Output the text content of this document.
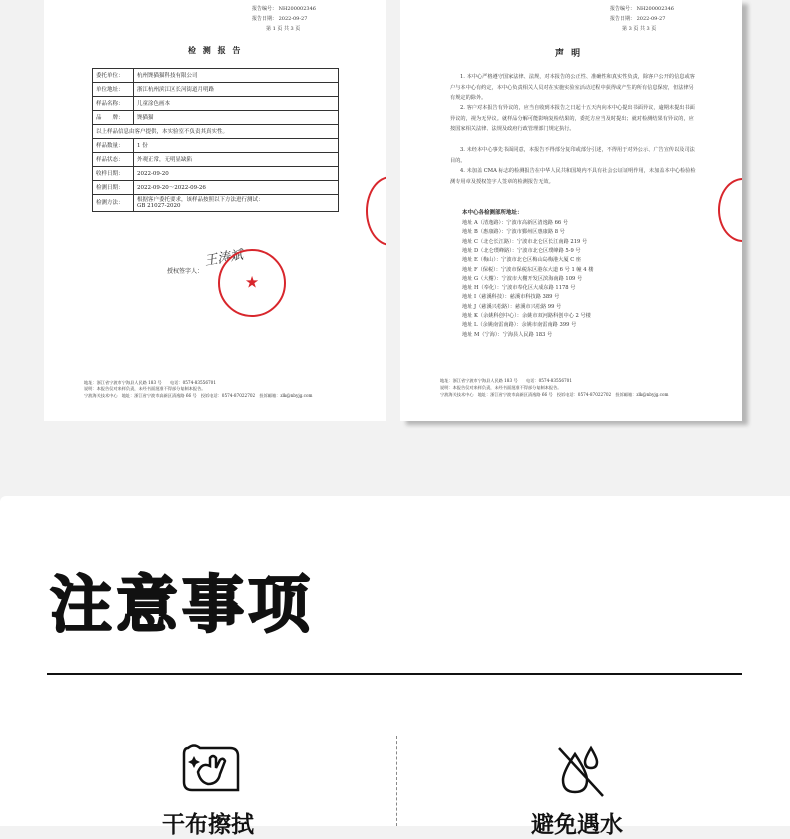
报告编号： NH200002346
报告日期： 2022-09-27
第 1 页 共 3 页
检 测 报 告
委托单位：	杭州馋猫猫科技有限公司
单位地址：	浙江杭州滨江区长河街道月明路
样品名称：	儿童涂色画本
品　　牌：	馋猫猫
以上样品信息由客户提供，本实验室不负责其真实性。	
样品数量：	1 份
样品状态：	外观正常，无明显缺陷
收样日期：	2022-09-20
检测日期：	2022-09-20～2022-09-26
检测方法：	根据客户委托要求，该样品按照以下方法进行测试：
GB 21027-2020
授权签字人：
王涛斌
★
地址：浙江省宁波市宁海县人民路 183 号　　电话：0574-83556701
说明：本报告仅对来样负责，未经书面批准不得部分复制本报告。
宁波海关技术中心　地址：浙江省宁波市高新区清逸路 66 号　投诉电话：0574-87022702　投诉邮箱：zlk@nbyjg.com
报告编号： NH200002346
报告日期： 2022-09-27
第 3 页 共 3 页
声 明
1. 本中心严格遵守国家法律、法规，对本报告的公正性、准确性和真实性负责，除客户公开的信息或客户与本中心有约定，本中心负责相关人员对在实施实验室活动过程中获得或产生的所有信息保密，但法律另有规定的除外。
2. 客户对本报告有异议的，应当自收到本报告之日起十五天内向本中心提出书面异议，逾期未提出书面异议的，视为无异议。就样品分解可能影响复检结果的，委托方应当及时提出；就对检测结果有异议的，应按国家相关法律、法规及政府行政管理部门规定执行。
3. 未经本中心事先书面同意，本报告不得部分复印或部分引述，不得用于对外公示、广告宣传以及司法目的。
4. 未加盖 CMA 标志的检测报告在中华人民共和国境内不具有社会公证证明作用，未加盖本中心检验检测专用章及授权签字人签章的检测报告无效。
本中心各检测部所地址：
地址 A（清逸路）：宁波市高新区清逸路 66 号
地址 B（惠康路）：宁波市鄞州区惠康路 8 号
地址 C（北仑长江路）：宁波市北仑区长江南路 219 号
地址 D（北仑璞峰路）：宁波市北仑区璞峰路 5-9 号
地址 E（梅山）：宁波市北仑区梅山岛梅港大厦 C 座
地址 F（保税）：宁波市保税东区港东大道 6 号 1 幢 4 楼
地址 G（大榭）：宁波市大榭开发区滨海南路 109 号
地址 H（奉化）：宁波市奉化区大成东路 1178 号
地址 I（慈溪科技）：慈溪市科技路 389 号
地址 J（慈溪兴松路）：慈溪市兴松路 99 号
地址 K（余姚科创中心）：余姚市双河路科创中心 2 号楼
地址 L（余姚南雷南路）：余姚市南雷南路 399 号
地址 M（宁海）：宁海县人民路 183 号
地址：浙江省宁波市宁海县人民路 183 号　　电话：0574-83556701
说明：本报告仅对来样负责，未经书面批准不得部分复制本报告。
宁波海关技术中心　地址：浙江省宁波市高新区清逸路 66 号　投诉电话：0574-87022702　投诉邮箱：zlk@nbyjg.com
注意事项
干布擦拭	避免遇水
